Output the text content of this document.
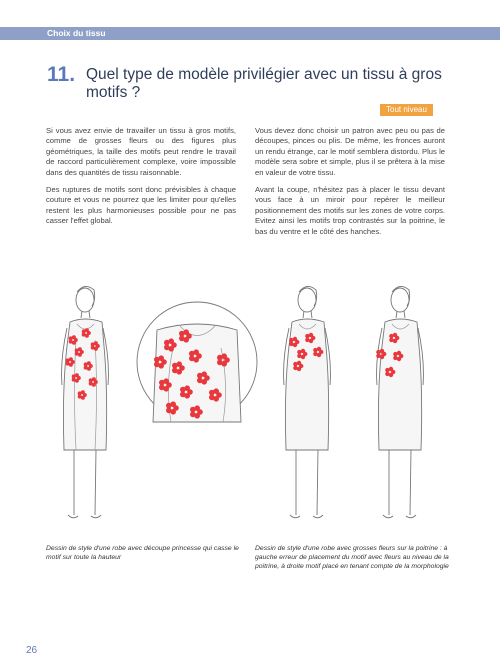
Choix du tissu
11. Quel type de modèle privilégier avec un tissu à gros motifs ?
Tout niveau

Si vous avez envie de travailler un tissu à gros motifs, comme de grosses fleurs ou des figures plus géométriques, la taille des motifs peut rendre le travail de raccord particulièrement complexe, voire impossible dans des quantités de tissu raisonnable.

Des ruptures de motifs sont donc prévisibles à chaque couture et vous ne pourrez que les limiter pour qu'elles restent les plus harmonieuses possible pour ne pas casser l'effet global.

Vous devez donc choisir un patron avec peu ou pas de découpes, pinces ou plis. De même, les fronces auront un rendu étrange, car le motif semblera distordu. Plus le modèle sera sobre et simple, plus il se prêtera à la mise en valeur de votre tissu.

Avant la coupe, n'hésitez pas à placer le tissu devant vous face à un miroir pour repérer le meilleur positionnement des motifs sur les zones de votre corps. Evitez ainsi les motifs trop contrastés sur la poitrine, le bas du ventre et le côté des hanches.

Dessin de style d'une robe avec découpe princesse qui casse le motif sur toute la hauteur
Dessin de style d'une robe avec grosses fleurs sur la poitrine : à gauche erreur de placement du motif avec fleurs au niveau de la poitrine, à droite motif placé en tenant compte de la morphologie
26
